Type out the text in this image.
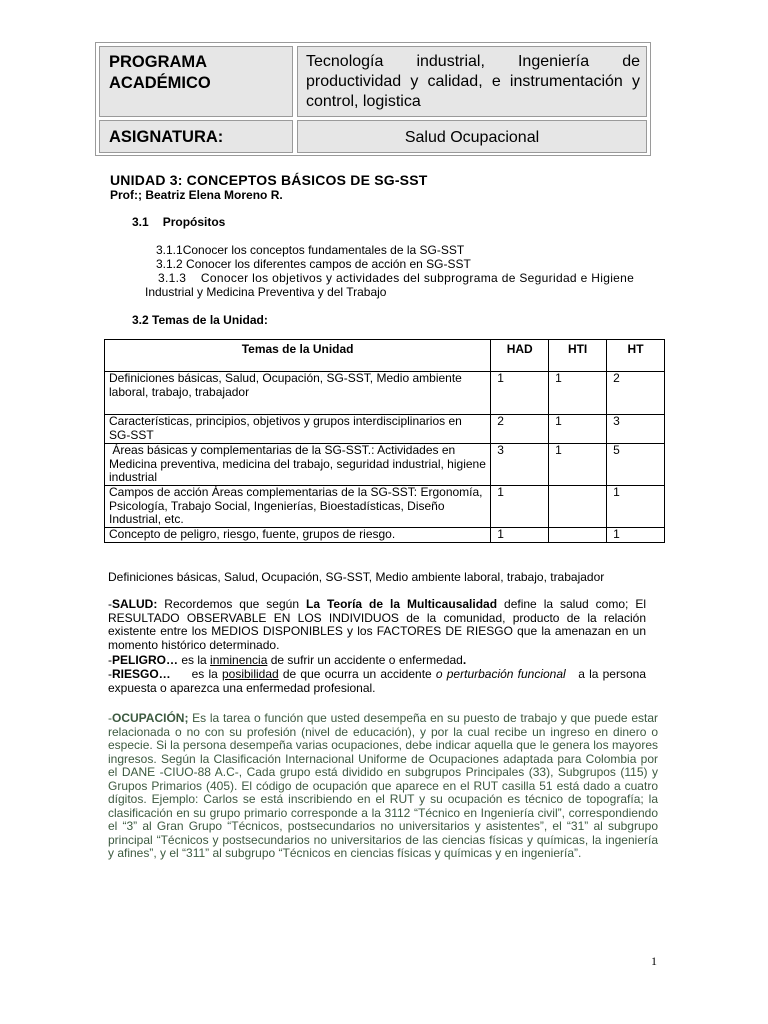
PROGRAMA ACADÉMICO
Tecnología industrial, Ingeniería de productividad y calidad, e instrumentación y control, logistica
ASIGNATURA:	Salud Ocupacional
UNIDAD 3: CONCEPTOS BÁSICOS DE SG-SST
Prof:; Beatriz Elena Moreno R.
3.1 Propósitos
3.1.1Conocer los conceptos fundamentales de la SG-SST
3.1.2 Conocer los diferentes campos de acción en SG-SST
3.1.3    Conocer los objetivos y actividades del subprograma de Seguridad e Higiene
Industrial y Medicina Preventiva y del Trabajo
3.2 Temas de la Unidad:
Temas de la Unidad	HAD	HTI	HT
Definiciones básicas, Salud, Ocupación, SG-SST, Medio ambiente laboral, trabajo, trabajador	1	1	2
Características, principios, objetivos y grupos interdisciplinarios en SG-SST	2	1	3
Áreas básicas y complementarias de la SG-SST.: Actividades en Medicina preventiva, medicina del trabajo, seguridad industrial, higiene industrial	3	1	5
Campos de acción Áreas complementarias de la SG-SST: Ergonomía, Psicología, Trabajo Social, Ingenierías, Bioestadísticas, Diseño Industrial, etc.	1		1
Concepto de peligro, riesgo, fuente, grupos de riesgo.	1		1
Definiciones básicas, Salud, Ocupación, SG-SST, Medio ambiente laboral, trabajo, trabajador
-SALUD: Recordemos que según La Teoría de la Multicausalidad define la salud como; El RESULTADO OBSERVABLE EN LOS INDIVIDUOS de la comunidad, producto de la relación existente entre los MEDIOS DISPONIBLES y los FACTORES DE RIESGO que la amenazan en un momento histórico determinado.
-PELIGRO… es la inminencia de sufrir un accidente o enfermedad.
-RIESGO…     es la posibilidad de que ocurra un accidente o perturbación funcional   a la persona expuesta o aparezca una enfermedad profesional.
-OCUPACIÓN; Es la tarea o función que usted desempeña en su puesto de trabajo y que puede estar relacionada o no con su profesión (nivel de educación), y por la cual recibe un ingreso en dinero o especie. Si la persona desempeña varias ocupaciones, debe indicar aquella que le genera los mayores ingresos. Según la Clasificación Internacional Uniforme de Ocupaciones adaptada para Colombia por el DANE -CIUO-88 A.C-, Cada grupo está dividido en subgrupos Principales (33), Subgrupos (115) y Grupos Primarios (405). El código de ocupación que aparece en el RUT casilla 51 está dado a cuatro dígitos. Ejemplo: Carlos se está inscribiendo en el RUT y su ocupación es técnico de topografía; la clasificación en su grupo primario corresponde a la 3112 “Técnico en Ingeniería civil”, correspondiendo el “3” al Gran Grupo “Técnicos, postsecundarios no universitarios y asistentes”, el “31” al subgrupo principal “Técnicos y postsecundarios no universitarios de las ciencias físicas y químicas, la ingeniería y afines”, y el “311” al subgrupo “Técnicos en ciencias físicas y químicas y en ingeniería”.
1
